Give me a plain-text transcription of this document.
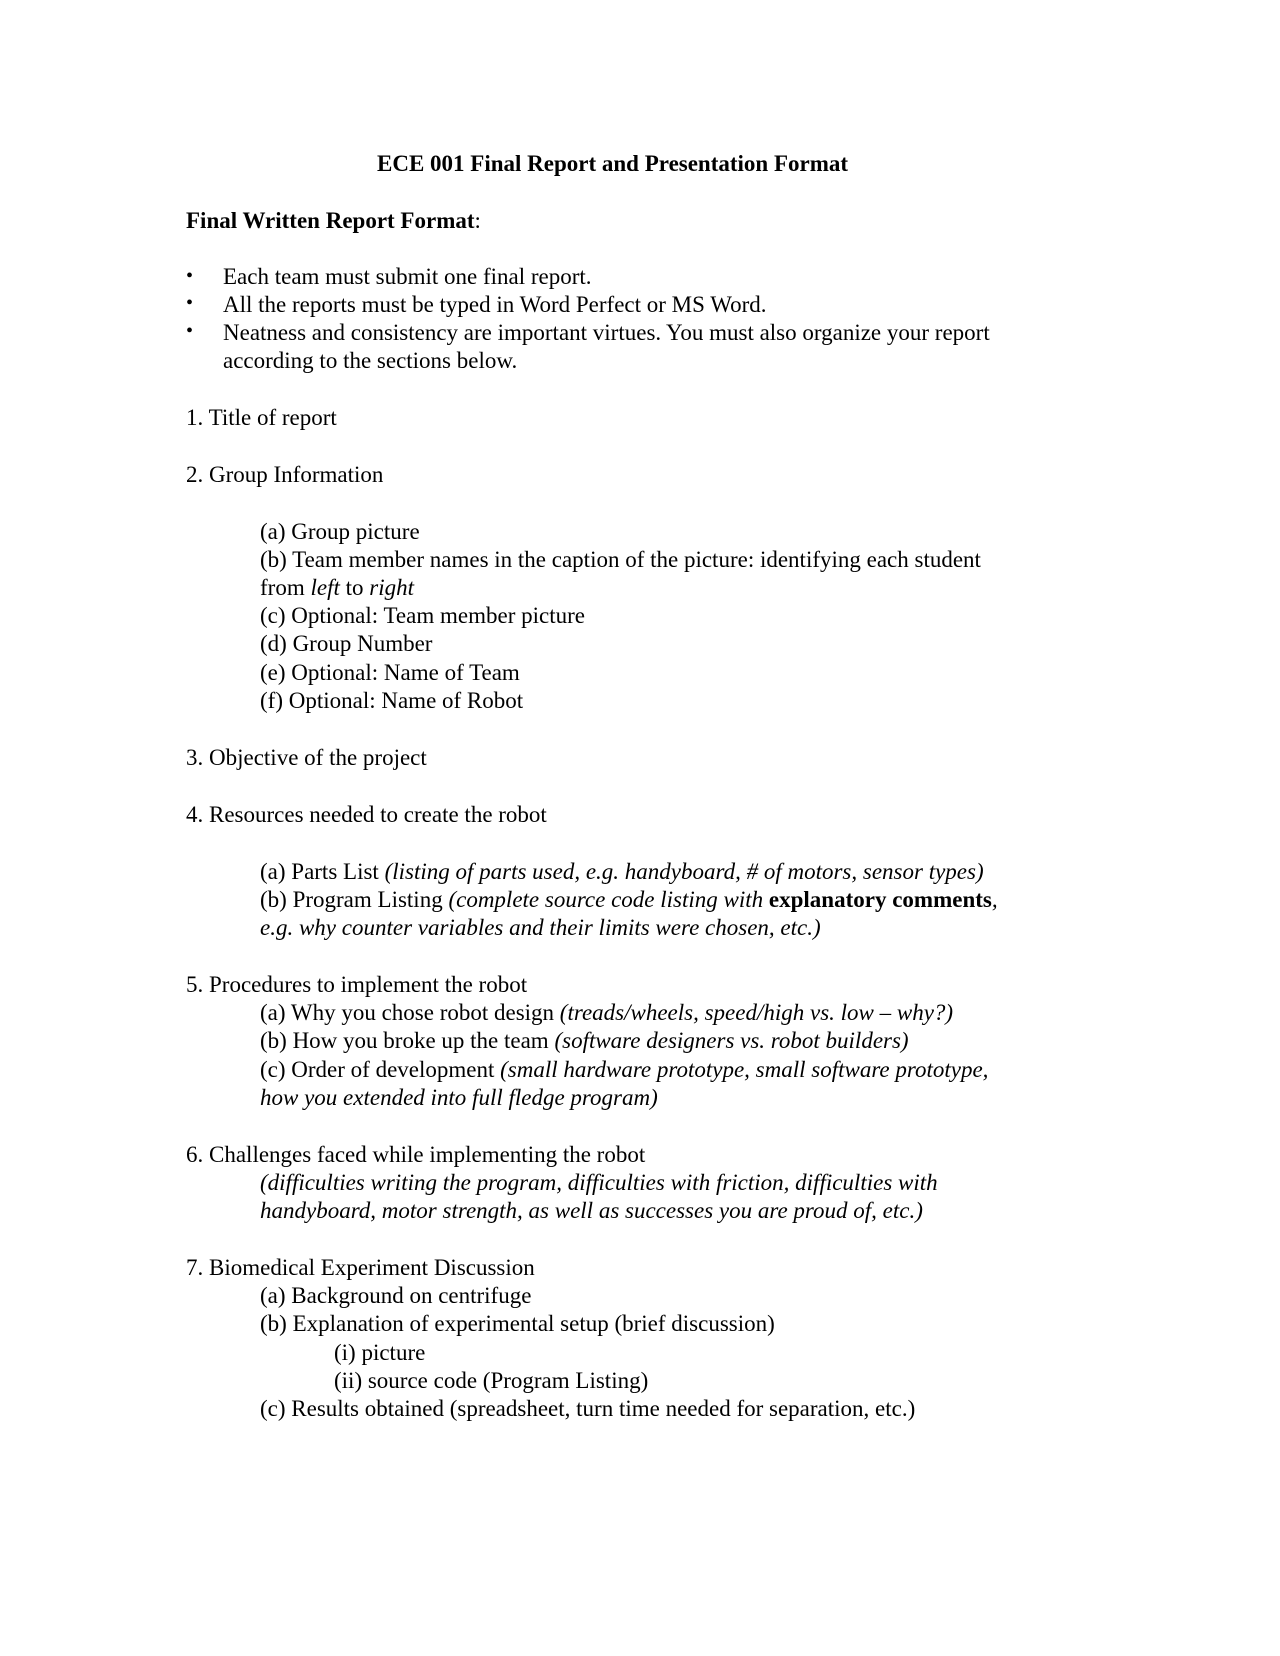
ECE 001 Final Report and Presentation Format
Final Written Report Format:
• Each team must submit one final report.
• All the reports must be typed in Word Perfect or MS Word.
• Neatness and consistency are important virtues. You must also organize your report
according to the sections below.
1. Title of report
2. Group Information
(a) Group picture
(b) Team member names in the caption of the picture: identifying each student
from left to right
(c) Optional: Team member picture
(d) Group Number
(e) Optional: Name of Team
(f) Optional: Name of Robot
3. Objective of the project
4. Resources needed to create the robot
(a) Parts List (listing of parts used, e.g. handyboard, # of motors, sensor types)
(b) Program Listing (complete source code listing with explanatory comments,
e.g. why counter variables and their limits were chosen, etc.)
5. Procedures to implement the robot
(a) Why you chose robot design (treads/wheels, speed/high vs. low – why?)
(b) How you broke up the team (software designers vs. robot builders)
(c) Order of development (small hardware prototype, small software prototype,
how you extended into full fledge program)
6. Challenges faced while implementing the robot
(difficulties writing the program, difficulties with friction, difficulties with
handyboard, motor strength, as well as successes you are proud of, etc.)
7. Biomedical Experiment Discussion
(a) Background on centrifuge
(b) Explanation of experimental setup (brief discussion)
(i) picture
(ii) source code (Program Listing)
(c) Results obtained (spreadsheet, turn time needed for separation, etc.)
